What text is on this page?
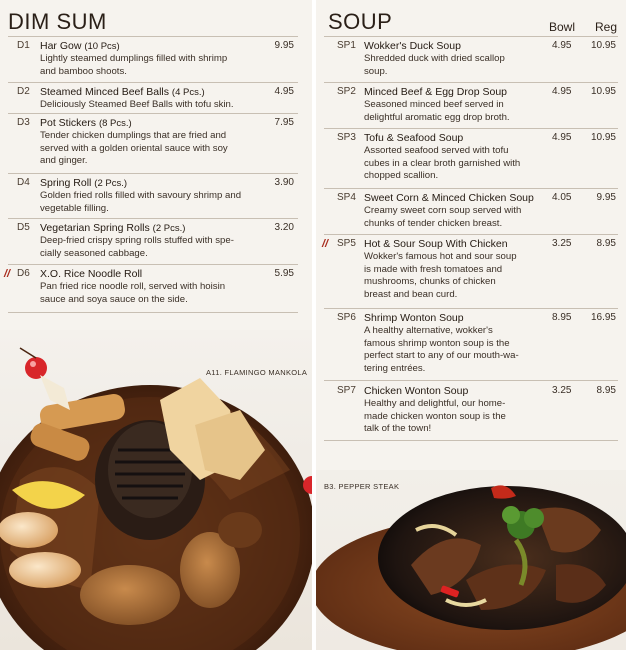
DIM SUM
D1 Har Gow (10 Pcs)	9.95
Lightly steamed dumplings filled with shrimp
and bamboo shoots.
D2 Steamed Minced Beef Balls (4 Pcs.)	4.95
Deliciously Steamed Beef Balls with tofu skin.
D3 Pot Stickers (8 Pcs.)	7.95
Tender chicken dumplings that are fried and
served with a golden oriental sauce with soy
and ginger.
D4 Spring Roll (2 Pcs.)	3.90
Golden fried rolls filled with savoury shrimp and
vegetable filling.
D5 Vegetarian Spring Rolls (2 Pcs.)	3.20
Deep-fried crispy spring rolls stuffed with spe-
cially seasoned cabbage.
// D6 X.O. Rice Noodle Roll	5.95
Pan fried rice noodle roll, served with hoisin
sauce and soya sauce on the side.
A11. FLAMINGO MANKOLA
SOUP	Bowl Reg
SP1 Wokker's Duck Soup	4.95 10.95
Shredded duck with dried scallop
soup.
SP2 Minced Beef & Egg Drop Soup	4.95 10.95
Seasoned minced beef served in
delightful aromatic egg drop broth.
SP3 Tofu & Seafood Soup	4.95 10.95
Assorted seafood served with tofu
cubes in a clear broth garnished with
chopped scallion.
SP4 Sweet Corn & Minced Chicken Soup 4.05	9.95
Creamy sweet corn soup served with
chunks of tender chicken breast.
// SP5 Hot & Sour Soup With Chicken	3.25	8.95
Wokker's famous hot and sour soup
is made with fresh tomatoes and
mushrooms, chunks of chicken
breast and bean curd.
SP6 Shrimp Wonton Soup	8.95 16.95
A healthy alternative, wokker's
famous shrimp wonton soup is the
perfect start to any of our mouth-wa-
tering entrées.
SP7 Chicken Wonton Soup	3.25	8.95
Healthy and delightful, our home-
made chicken wonton soup is the
talk of the town!
B3. PEPPER STEAK
